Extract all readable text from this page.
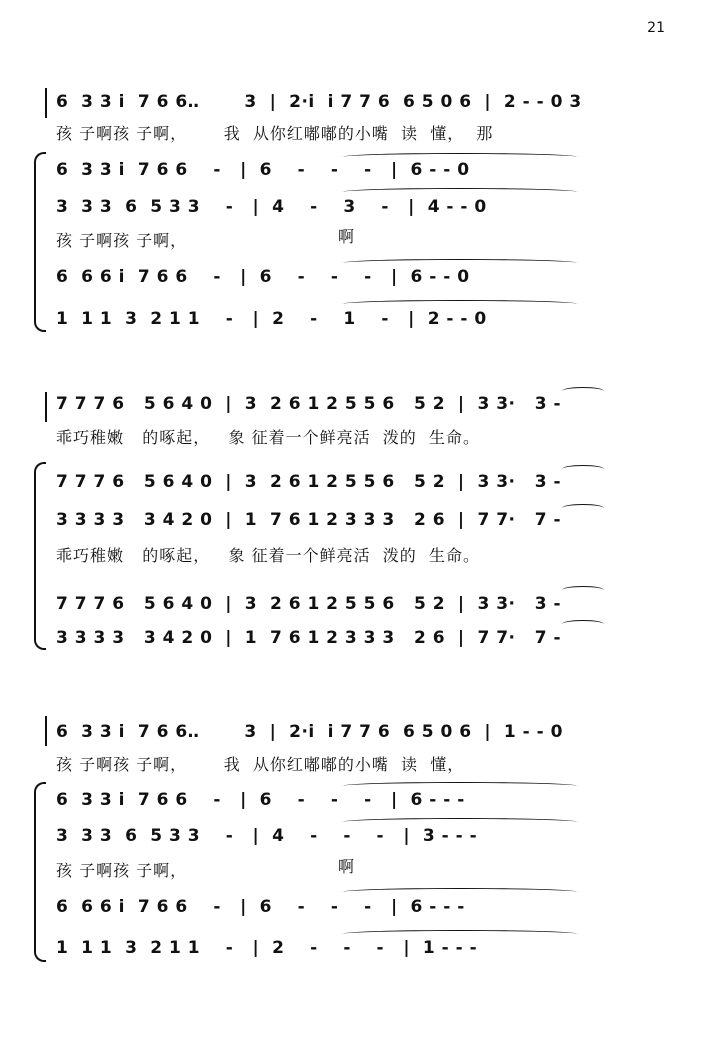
21
6  3 3 i  7 6 6‥       3  |  2·i  i 7 7 6  6 5 0 6  |  2 - - 0 3
孩 子啊孩 子啊，      我  从你红嘟嘟的小嘴  读  懂，  那
6  3 3 i  7 6 6    -   |  6    -    -    -   |  6 - - 0
3  3 3  6  5 3 3    -   |  4    -    3    -   |  4 - - 0
孩 子啊孩 子啊，	啊
6  6 6 i  7 6 6    -   |  6    -    -    -   |  6 - - 0
1  1 1  3  2 1 1    -   |  2    -    1    -   |  2 - - 0
7 7 7 6   5 6 4 0  |  3  2 6 1 2 5 5 6   5 2  |  3 3·   3 -
乖巧稚嫩   的啄起，   象 征着一个鲜亮活  泼的  生命。
7 7 7 6   5 6 4 0  |  3  2 6 1 2 5 5 6   5 2  |  3 3·   3 -
3 3 3 3   3 4 2 0  |  1  7 6 1 2 3 3 3   2 6  |  7 7·   7 -
乖巧稚嫩   的啄起，   象 征着一个鲜亮活  泼的  生命。
7 7 7 6   5 6 4 0  |  3  2 6 1 2 5 5 6   5 2  |  3 3·   3 -
3 3 3 3   3 4 2 0  |  1  7 6 1 2 3 3 3   2 6  |  7 7·   7 -
6  3 3 i  7 6 6‥       3  |  2·i  i 7 7 6  6 5 0 6  |  1 - - 0
孩 子啊孩 子啊，      我  从你红嘟嘟的小嘴  读  懂，
6  3 3 i  7 6 6    -   |  6    -    -    -   |  6 - - -
3  3 3  6  5 3 3    -   |  4    -    -    -   |  3 - - -
孩 子啊孩 子啊，	啊
6  6 6 i  7 6 6    -   |  6    -    -    -   |  6 - - -
1  1 1  3  2 1 1    -   |  2    -    -    -   |  1 - - -
